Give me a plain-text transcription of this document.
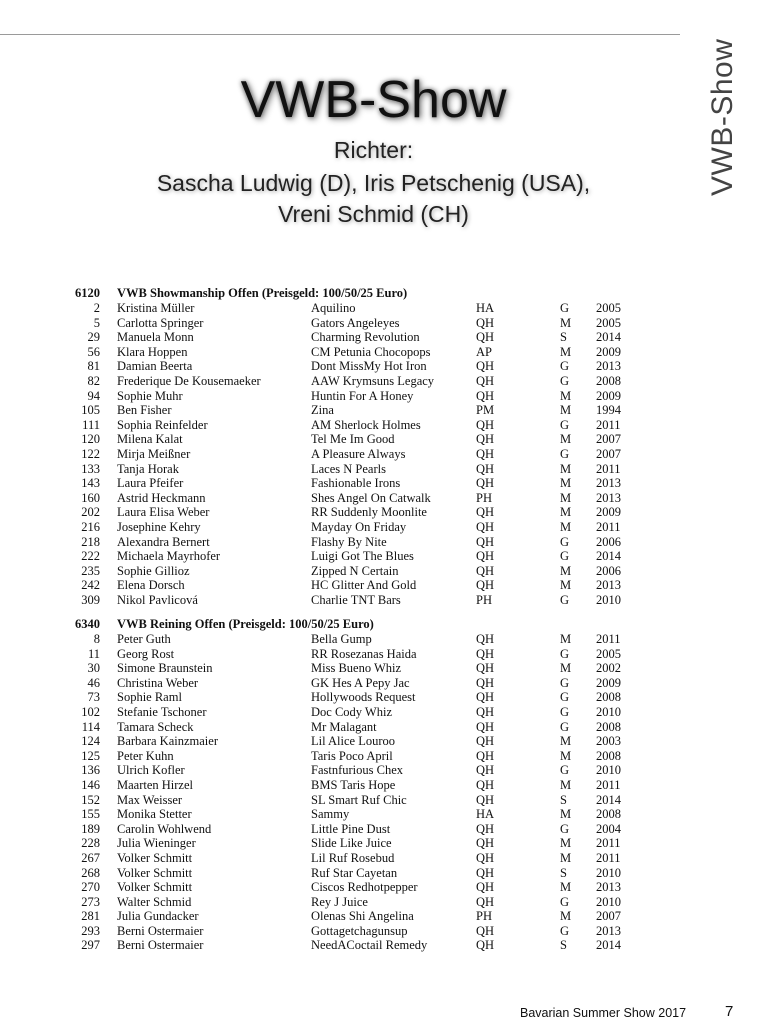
VWB-Show
VWB-Show
Richter:
Sascha Ludwig (D), Iris Petschenig (USA),
Vreni Schmid (CH)
6120 VWB Showmanship Offen (Preisgeld: 100/50/25 Euro)
2 Kristina Müller	Aquilino	HA	G 2005
5 Carlotta Springer	Gators Angeleyes	QH	M 2005
29 Manuela Monn	Charming Revolution	QH	S 2014
56 Klara Hoppen	CM Petunia Chocopops	AP	M 2009
81 Damian Beerta	Dont MissMy Hot Iron	QH	G 2013
82 Frederique De Kousemaeker	AAW Krymsuns Legacy	QH	G 2008
94 Sophie Muhr	Huntin For A Honey	QH	M 2009
105 Ben Fisher	Zina	PM	M 1994
111 Sophia Reinfelder	AM Sherlock Holmes	QH	G 2011
120 Milena Kalat	Tel Me Im Good	QH	M 2007
122 Mirja Meißner	A Pleasure Always	QH	G 2007
133 Tanja Horak	Laces N Pearls	QH	M 2011
143 Laura Pfeifer	Fashionable Irons	QH	M 2013
160 Astrid Heckmann	Shes Angel On Catwalk	PH	M 2013
202 Laura Elisa Weber	RR Suddenly Moonlite	QH	M 2009
216 Josephine Kehry	Mayday On Friday	QH	M 2011
218 Alexandra Bernert	Flashy By Nite	QH	G 2006
222 Michaela Mayrhofer	Luigi Got The Blues	QH	G 2014
235 Sophie Gillioz	Zipped N Certain	QH	M 2006
242 Elena Dorsch	HC Glitter And Gold	QH	M 2013
309 Nikol Pavlicová	Charlie TNT Bars	PH	G 2010
6340 VWB Reining Offen (Preisgeld: 100/50/25 Euro)
8 Peter Guth	Bella Gump	QH	M 2011
11 Georg Rost	RR Rosezanas Haida	QH	G 2005
30 Simone Braunstein	Miss Bueno Whiz	QH	M 2002
46 Christina Weber	GK Hes A Pepy Jac	QH	G 2009
73 Sophie Raml	Hollywoods Request	QH	G 2008
102 Stefanie Tschoner	Doc Cody Whiz	QH	G 2010
114 Tamara Scheck	Mr Malagant	QH	G 2008
124 Barbara Kainzmaier	Lil Alice Louroo	QH	M 2003
125 Peter Kuhn	Taris Poco April	QH	M 2008
136 Ulrich Kofler	Fastnfurious Chex	QH	G 2010
146 Maarten Hirzel	BMS Taris Hope	QH	M 2011
152 Max Weisser	SL Smart Ruf Chic	QH	S 2014
155 Monika Stetter	Sammy	HA	M 2008
189 Carolin Wohlwend	Little Pine Dust	QH	G 2004
228 Julia Wieninger	Slide Like Juice	QH	M 2011
267 Volker Schmitt	Lil Ruf Rosebud	QH	M 2011
268 Volker Schmitt	Ruf Star Cayetan	QH	S 2010
270 Volker Schmitt	Ciscos Redhotpepper	QH	M 2013
273 Walter Schmid	Rey J Juice	QH	G 2010
281 Julia Gundacker	Olenas Shi Angelina	PH	M 2007
293 Berni Ostermaier	Gottagetchagunsup	QH	G 2013
297 Berni Ostermaier	NeedACoctail Remedy	QH	S 2014
Bavarian Summer Show 2017	7
